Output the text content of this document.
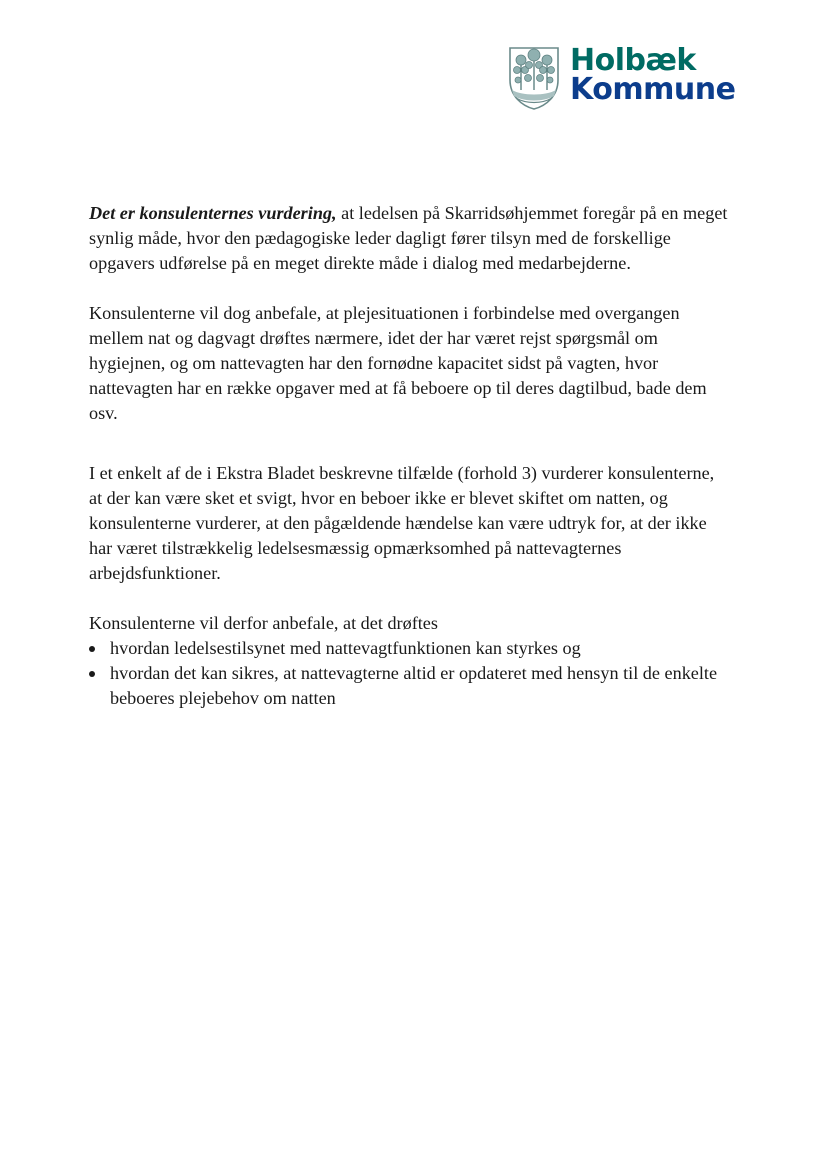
Holbæk
Kommune

Det er konsulenternes vurdering, at ledelsen på Skarridsøhjemmet foregår på en meget synlig måde, hvor den pædagogiske leder dagligt fører tilsyn med de forskellige opgavers udførelse på en meget direkte måde i dialog med medarbejderne.

Konsulenterne vil dog anbefale, at plejesituationen i forbindelse med overgangen mellem nat og dagvagt drøftes nærmere, idet der har været rejst spørgsmål om hygiejnen, og om nattevagten har den fornødne kapacitet sidst på vagten, hvor nattevagten har en række opgaver med at få beboere op til deres dagtilbud, bade dem osv.

I et enkelt af de i Ekstra Bladet beskrevne tilfælde (forhold 3) vurderer konsulenterne, at der kan være sket et svigt, hvor en beboer ikke er blevet skiftet om natten, og konsulenterne vurderer, at den pågældende hændelse kan være udtryk for, at der ikke har været tilstrækkelig ledelsesmæssig opmærksomhed på nattevagternes arbejdsfunktioner.

Konsulenterne vil derfor anbefale, at det drøftes

hvordan ledelsestilsynet med nattevagtfunktionen kan styrkes og
hvordan det kan sikres, at nattevagterne altid er opdateret med hensyn til de enkelte beboeres plejebehov om natten
